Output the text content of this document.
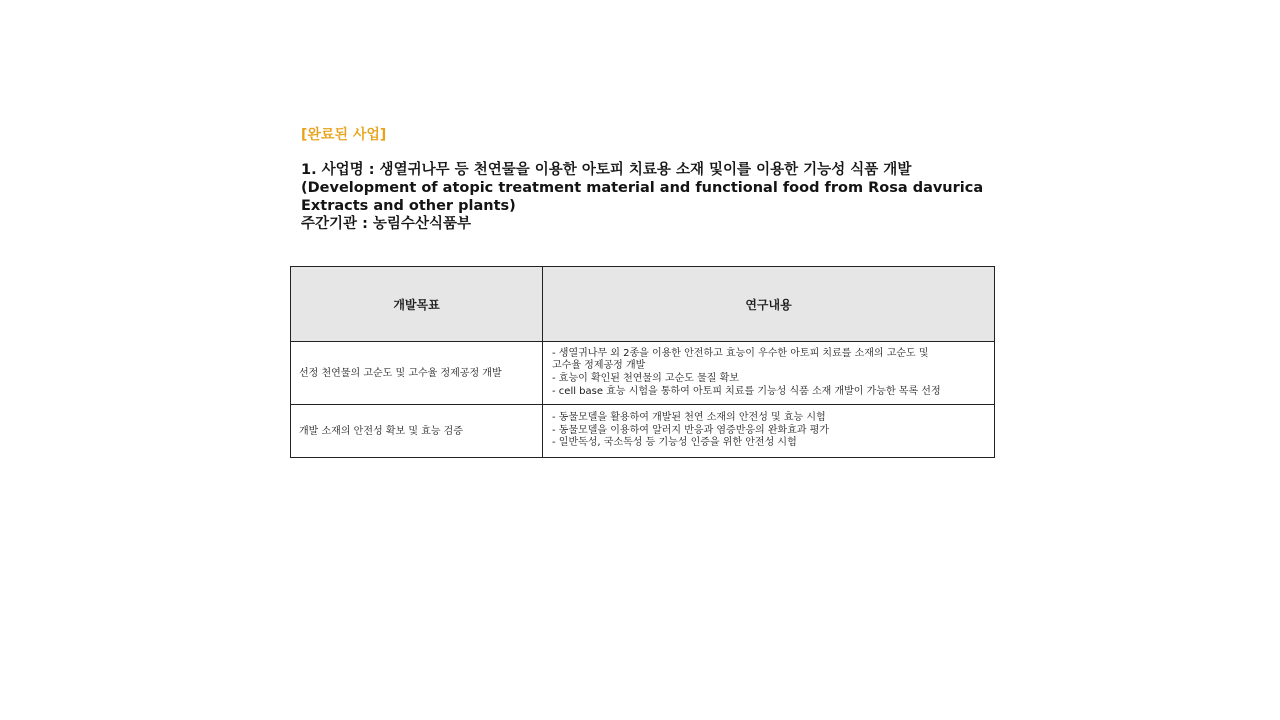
[완료된 사업]
1. 사업명 : 생열귀나무 등 천연물을 이용한 아토피 치료용 소재 및이를 이용한 기능성 식품 개발
(Development of atopic treatment material and functional food from Rosa davurica
Extracts and other plants)
주간기관 : 농림수산식품부
개발목표	연구내용
선정 천연물의 고순도 및 고수율 정제공정 개발	- 생열귀나무 외 2종을 이용한 안전하고 효능이 우수한 아토피 치료를 소재의 고순도 및
고수율 정제공정 개발
- 효능이 확인된 천연물의 고순도 물질 확보
- cell base 효능 시험을 통하여 아토피 치료를 기능성 식품 소재 개발이 가능한 목록 선정

개발 소재의 안전성 확보 및 효능 검증	- 동물모델을 활용하여 개발된 천연 소재의 안전성 및 효능 시험
- 동물모델을 이용하여 알러지 반응과 염증반응의 완화효과 평가
- 일반독성, 국소독성 등 기능성 인증을 위한 안전성 시험
